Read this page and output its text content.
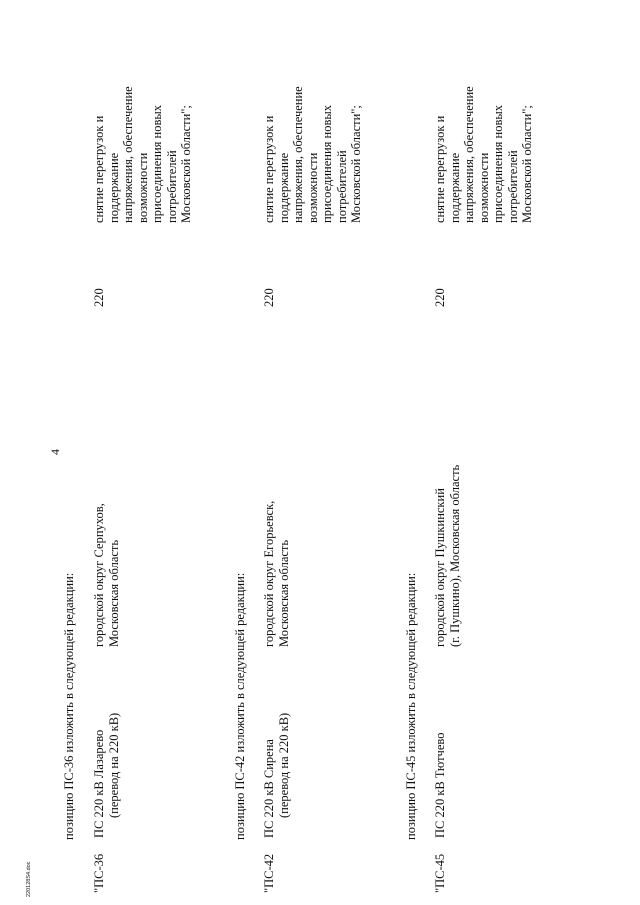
4
220128S4.doc
позицию ПС-36 изложить в следующей редакции:
"ПС-36
ПС 220 кВ Лазарево (перевод на 220 кВ)
городской округ Серпухов, Московская область
220
снятие перегрузок и поддержание напряжения, обеспечение возможности присоединения новых потребителей Московской области";
позицию ПС-42 изложить в следующей редакции:
"ПС-42
ПС 220 кВ Сирена (перевод на 220 кВ)
городской округ Егорьевск, Московская область
220
снятие перегрузок и поддержание напряжения, обеспечение возможности присоединения новых потребителей Московской области";
позицию ПС-45 изложить в следующей редакции:
"ПС-45
ПС 220 кВ Тютчево
городской округ Пушкинский (г. Пушкино), Московская область
220
снятие перегрузок и поддержание напряжения, обеспечение возможности присоединения новых потребителей Московской области";
